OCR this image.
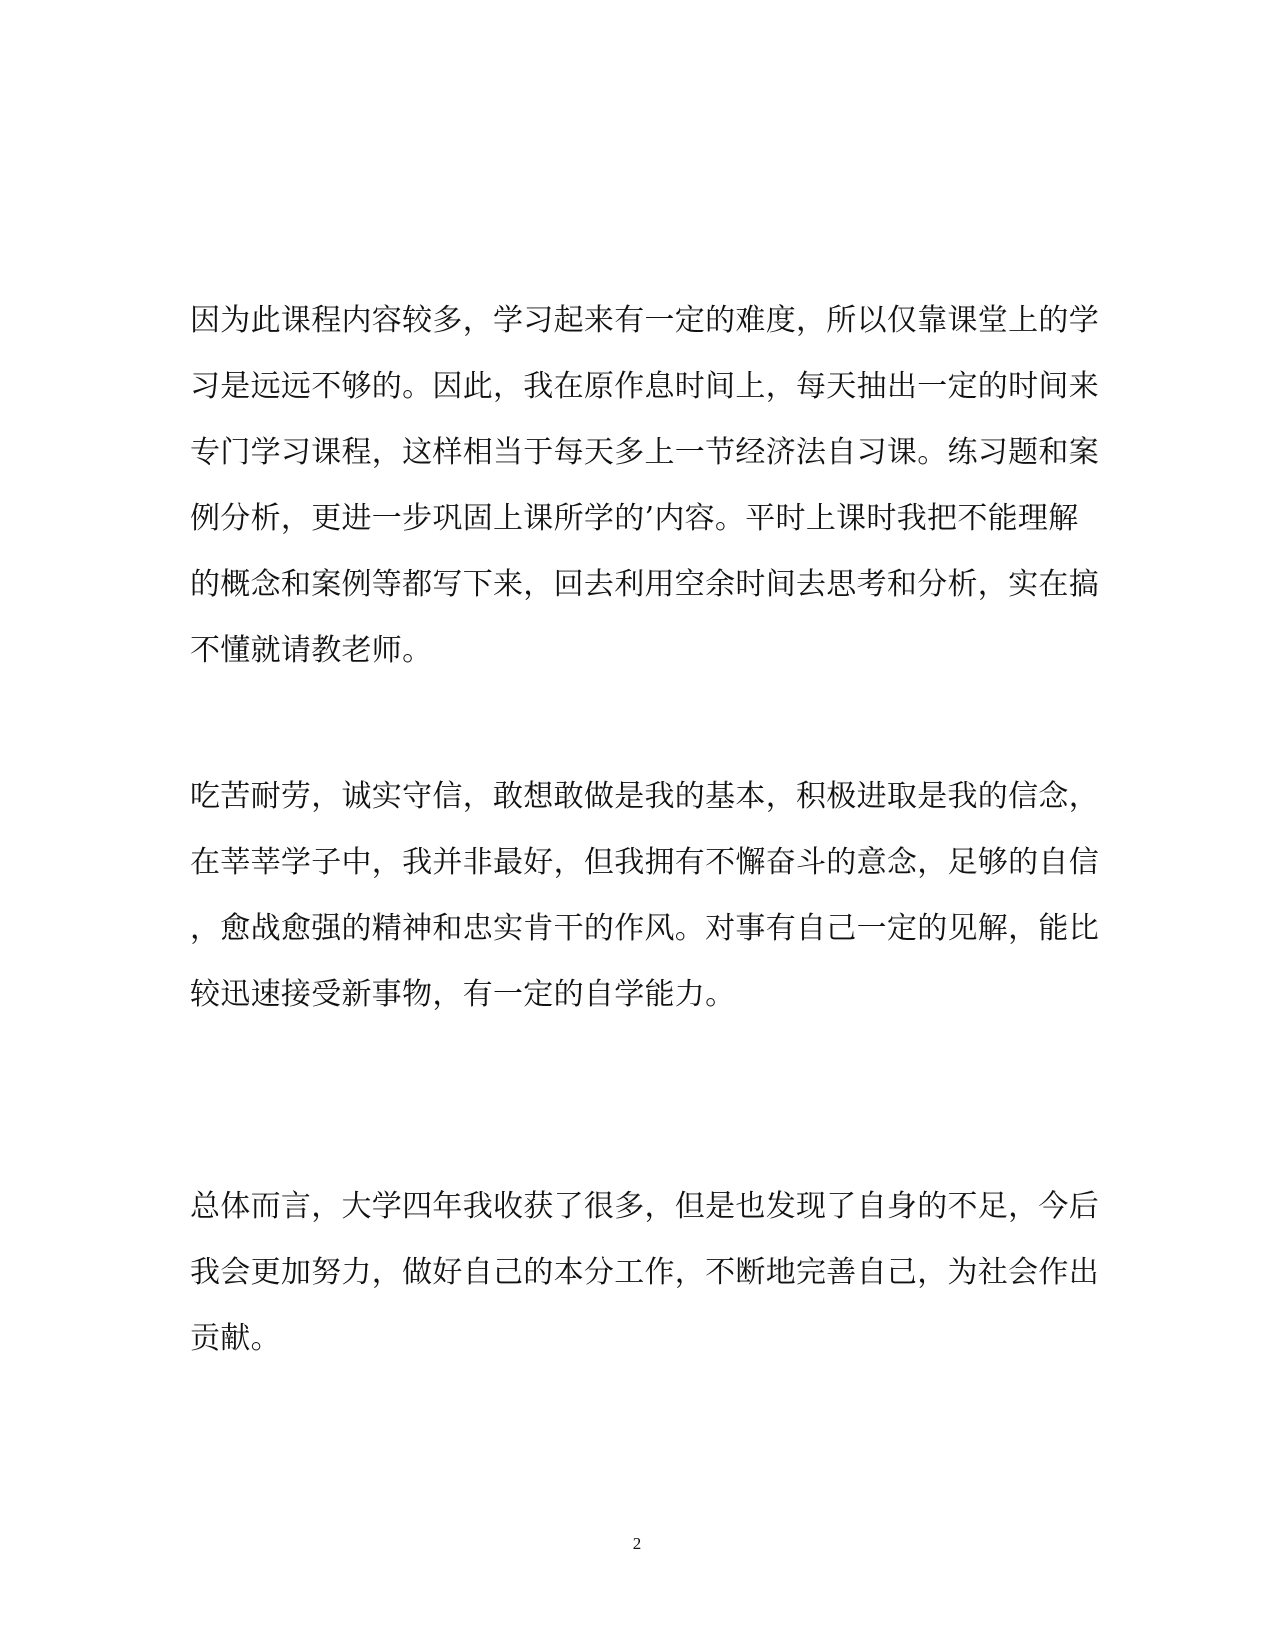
因为此课程内容较多，学习起来有一定的难度，所以仅靠课堂上的学
习是远远不够的。因此，我在原作息时间上，每天抽出一定的时间来
专门学习课程，这样相当于每天多上一节经济法自习课。练习题和案
例分析，更进一步巩固上课所学的’内容。平时上课时我把不能理解
的概念和案例等都写下来，回去利用空余时间去思考和分析，实在搞
不懂就请教老师。
吃苦耐劳，诚实守信，敢想敢做是我的基本，积极进取是我的信念，
在莘莘学子中，我并非最好，但我拥有不懈奋斗的意念，足够的自信
，愈战愈强的精神和忠实肯干的作风。对事有自己一定的见解，能比
较迅速接受新事物，有一定的自学能力。
总体而言，大学四年我收获了很多，但是也发现了自身的不足，今后
我会更加努力，做好自己的本分工作，不断地完善自己，为社会作出
贡献。
2
